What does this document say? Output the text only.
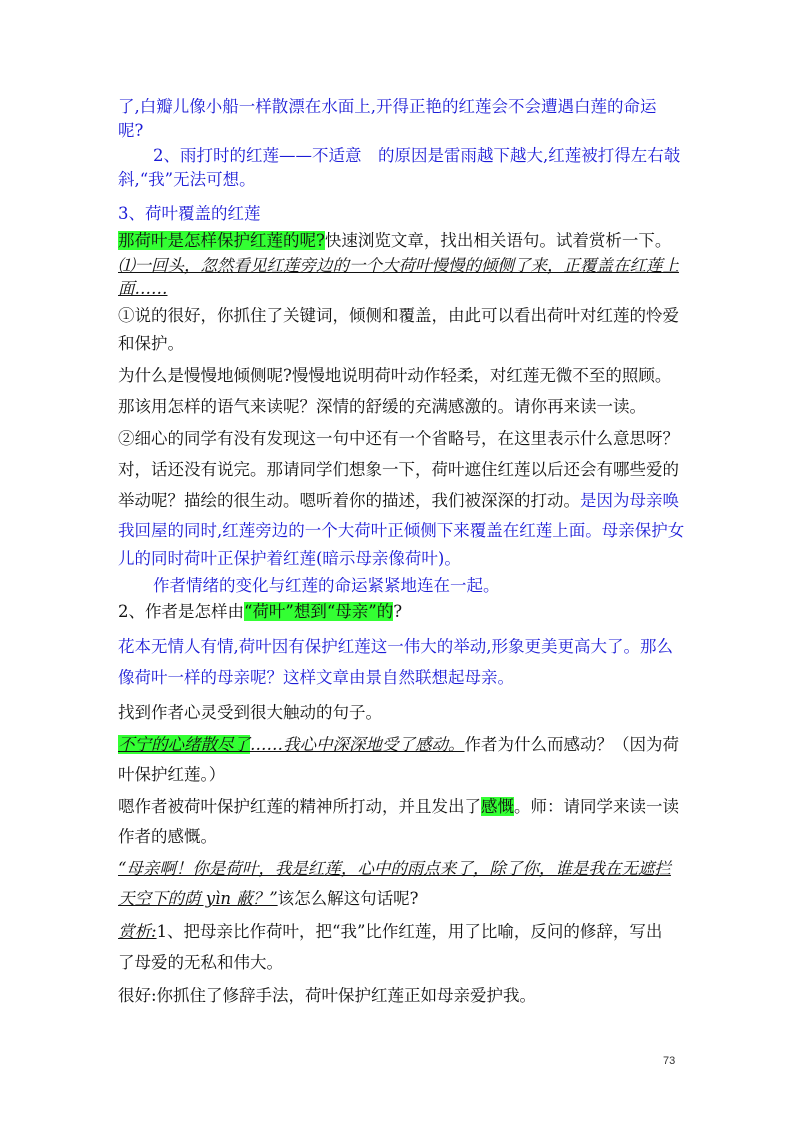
了,白瓣儿像小船一样散漂在水面上,开得正艳的红莲会不会遭遇白莲的命运
呢?
2、雨打时的红莲——不适意　的原因是雷雨越下越大,红莲被打得左右攲
斜,“我”无法可想。
3、荷叶覆盖的红莲
那荷叶是怎样保护红莲的呢?快速浏览文章，找出相关语句。试着赏析一下。
⑴一回头，忽然看见红莲旁边的一个大荷叶慢慢的倾侧了来，正覆盖在红莲上
面……
①说的很好，你抓住了关键词，倾侧和覆盖，由此可以看出荷叶对红莲的怜爱
和保护。
为什么是慢慢地倾侧呢?慢慢地说明荷叶动作轻柔，对红莲无微不至的照顾。
那该用怎样的语气来读呢？深情的舒缓的充满感激的。请你再来读一读。
②细心的同学有没有发现这一句中还有一个省略号，在这里表示什么意思呀？
对，话还没有说完。那请同学们想象一下，荷叶遮住红莲以后还会有哪些爱的
举动呢？描绘的很生动。嗯听着你的描述，我们被深深的打动。是因为母亲唤
我回屋的同时,红莲旁边的一个大荷叶正倾侧下来覆盖在红莲上面。母亲保护女
儿的同时荷叶正保护着红莲(暗示母亲像荷叶)。
作者情绪的变化与红莲的命运紧紧地连在一起。
2、作者是怎样由“荷叶”想到“母亲”的?
花本无情人有情,荷叶因有保护红莲这一伟大的举动,形象更美更高大了。那么
像荷叶一样的母亲呢？这样文章由景自然联想起母亲。
找到作者心灵受到很大触动的句子。
不宁的心绪散尽了……我心中深深地受了感动。作者为什么而感动？（因为荷
叶保护红莲。）
嗯作者被荷叶保护红莲的精神所打动，并且发出了感慨。师：请同学来读一读
作者的感慨。
“母亲啊！你是荷叶，我是红莲，心中的雨点来了，除了你，谁是我在无遮拦
天空下的荫 yìn 蔽？”该怎么解这句话呢?
赏析:1、把母亲比作荷叶，把“我”比作红莲，用了比喻，反问的修辞，写出
了母爱的无私和伟大。
很好:你抓住了修辞手法，荷叶保护红莲正如母亲爱护我。
73
